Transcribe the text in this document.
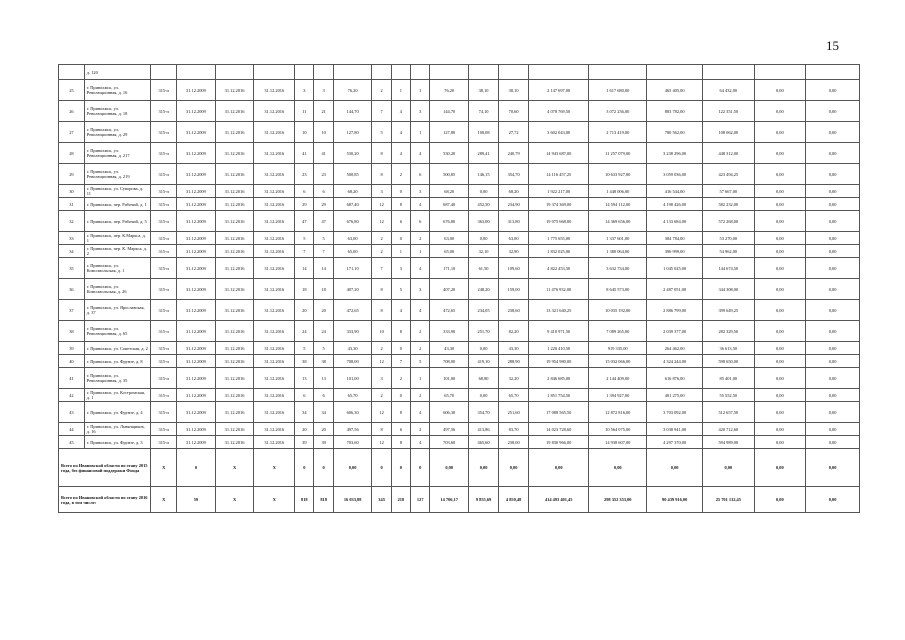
15
	д. 120																			
25	г. Приволжск, ул. Революционная, д. 16	315-п	31.12.2009	31.12.2016	31.12.2016	3	3	76,20	2	1	1	76,20	38,10	38,10	2 147 697,00	1 617 680,00	465 405,00	64 432,00	0,00	0,00
26	г. Приволжск, ул. Революционная, д. 18	315-п	31.12.2009	31.12.2016	31.12.2016	11	21	144,70	7	4	3	144,70	74,10	70,60	4 078 769,50	3 072 236,00	883 782,00	122 351,50	0,00	0,00
27	г. Приволжск, ул. Революционная, д. 29	315-п	31.12.2009	31.12.2016	31.12.2016	10	10	127,80	5	4	1	127,80	100,08	27,72	3 602 043,00	2 713 419,00	780 562,00	108 062,00	0,00	0,00
28	г. Приволжск, ул. Революционная, д. 217	315-п	31.12.2009	31.12.2016	31.12.2016	41	41	530,20	8	4	4	530,20	289,41	240,79	14 943 687,00	11 257 079,00	3 238 296,00	448 312,00	0,00	0,00
29	г. Приволжск, ул. Революционная, д. 219	315-п	31.12.2009	31.12.2016	31.12.2016	23	23	500,85	8	2	6	500,85	146,15	354,70	14 116 457,25	10 633 927,00	3 059 036,00	423 494,25	0,00	0,00
30	г. Приволжск, ул. Суворова, д. 11	315-п	31.12.2009	31.12.2016	31.12.2016	6	6	68,20	3	0	3	68,20	0,00	68,20	1 922 217,00	1 448 006,00	416 544,00	57 667,00	0,00	0,00
31	г. Приволжск, пер. Рабочий, д. 1	315-п	31.12.2009	31.12.2016	31.12.2016	29	29	687,40	12	8	4	687,40	452,50	234,90	19 374 369,00	14 594 112,00	4 198 426,00	582 232,00	0,00	0,00
32	г. Приволжск, пер. Рабочий, д. 5	315-п	31.12.2009	31.12.2016	31.12.2016	47	47	676,80	12	6	6	676,80	363,00	313,80	19 075 668,00	14 369 656,00	4 133 684,00	572 268,00	0,00	0,00
33	г. Приволжск, пер. К.Маркса, д. 1	315-п	31.12.2009	31.12.2016	31.12.2016	5	5	63,00	2	0	2	63,00	0,00	63,00	1 775 655,00	1 337 601,00	384 784,00	53 270,00	0,00	0,00
34	г. Приволжск, пер. К. Маркса, д. 2	315-п	31.12.2009	31.12.2016	31.12.2016	7	7	65,00	2	1	1	65,00	32,10	32,90	1 832 025,00	1 380 064,00	396 999,00	54 962,00	0,00	0,00
35	г. Приволжск, ул. Комсомольская, д. 1	315-п	31.12.2009	31.12.2016	31.12.2016	14	14	171,10	7	3	4	171,10	61,50	109,60	4 822 453,50	3 632 734,00	1 045 025,00	144 674,50	0,00	0,00
36	г. Приволжск, ул. Комсомольская, д. 26	315-п	31.12.2009	31.12.2016	31.12.2016	18	18	407,20	8	5	3	407,20	248,20	159,00	11 476 932,00	8 645 573,00	2 487 051,00	344 308,00	0,00	0,00
37	г. Приволжск, ул. Ярославская, д. 37	315-п	31.12.2009	31.12.2016	31.12.2016	20	20	472,65	8	4	4	472,65	234,05	238,60	13 321 640,25	10 035 192,00	2 886 799,00	399 649,25	0,00	0,00
38	г. Приволжск, ул. Революционная, д. 65	315-п	31.12.2009	31.12.2016	31.12.2016	24	24	333,90	10	8	2	333,90	251,70	82,20	9 410 971,50	7 089 265,00	2 039 377,00	282 329,50	0,00	0,00
39	г. Приволжск, ул. Советская, д. 2	315-п	31.12.2009	31.12.2016	31.12.2016	5	5	43,30	2	0	2	43,30	0,00	43,30	1 220 410,50	919 335,00	264 462,00	36 613,50	0,00	0,00
40	г. Приволжск, ул. Фрунзе, д. 8	315-п	31.12.2009	31.12.2016	31.12.2016	38	38	708,00	12	7	5	708,00	419,10	288,90	19 954 980,00	15 032 066,00	4 324 244,00	598 650,00	0,00	0,00
41	г. Приволжск, ул. Революционная, д. 35	315-п	31.12.2009	31.12.2016	31.12.2016	13	13	101,00	3	2	1	101,00	68,80	32,20	2 846 685,00	2 144 409,00	616 876,00	85 401,00	0,00	0,00
42	г. Приволжск, ул. Костромская, д. 1	315-п	31.12.2009	31.12.2016	31.12.2016	6	6	65,70	2	0	2	65,70	0,00	65,70	1 851 754,50	1 394 927,00	401 275,00	55 552,50	0,00	0,00
43	г. Приволжск, ул. Фрунзе, д. 4	315-п	31.12.2009	31.12.2016	31.12.2016	34	34	606,30	12	8	4	606,30	354,70	251,60	17 088 565,50	12 872 816,00	3 703 092,00	512 657,50	0,00	0,00
44	г. Приволжск, ул. Льнянщиков, д. 16	315-п	31.12.2009	31.12.2016	31.12.2016	20	20	497,56	8	6	2	497,56	413,86	83,70	14 023 728,60	10 564 075,00	3 038 941,00	420 712,60	0,00	0,00
45	г. Приволжск, ул. Фрунзе, д. 3	315-п	31.12.2009	31.12.2016	31.12.2016	39	39	703,60	12	8	4	703,60	465,60	238,00	19 830 966,00	14 938 607,00	4 297 370,00	594 989,00	0,00	0,00
Всего по Ивановской области по этапу 2015 года, без финансовой поддержки Фонда		X	0	X	X	0	0	0,00	0	0	0	0,00	0,00	0,00	0,00	0,00	0,00	0,00	0,00	0,00
Всего по Ивановской области по этапу 2016 года, в том числе:		X	59	X	X	818	818	16 033,88	345	218	127	14 706,17	9 855,69	4 850,48	414 493 401,45	298 352 353,00	90 439 916,00	25 701 132,45	0,00	0,00
